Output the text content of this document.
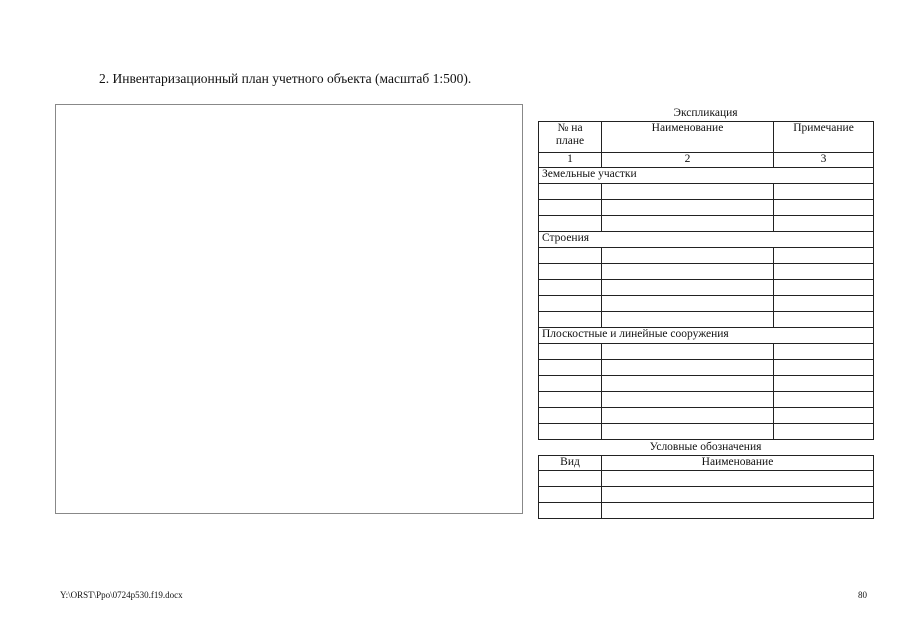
2. Инвентаризационный план учетного объекта (масштаб 1:500).
Экспликация
№ на плане	Наименование	Примечание
1	2	3
Земельные участки		

Строения		

Плоскостные и линейные сооружения		

Условные обозначения
Вид	Наименование

Y:\ORST\Ppo\0724p530.f19.docx	80
